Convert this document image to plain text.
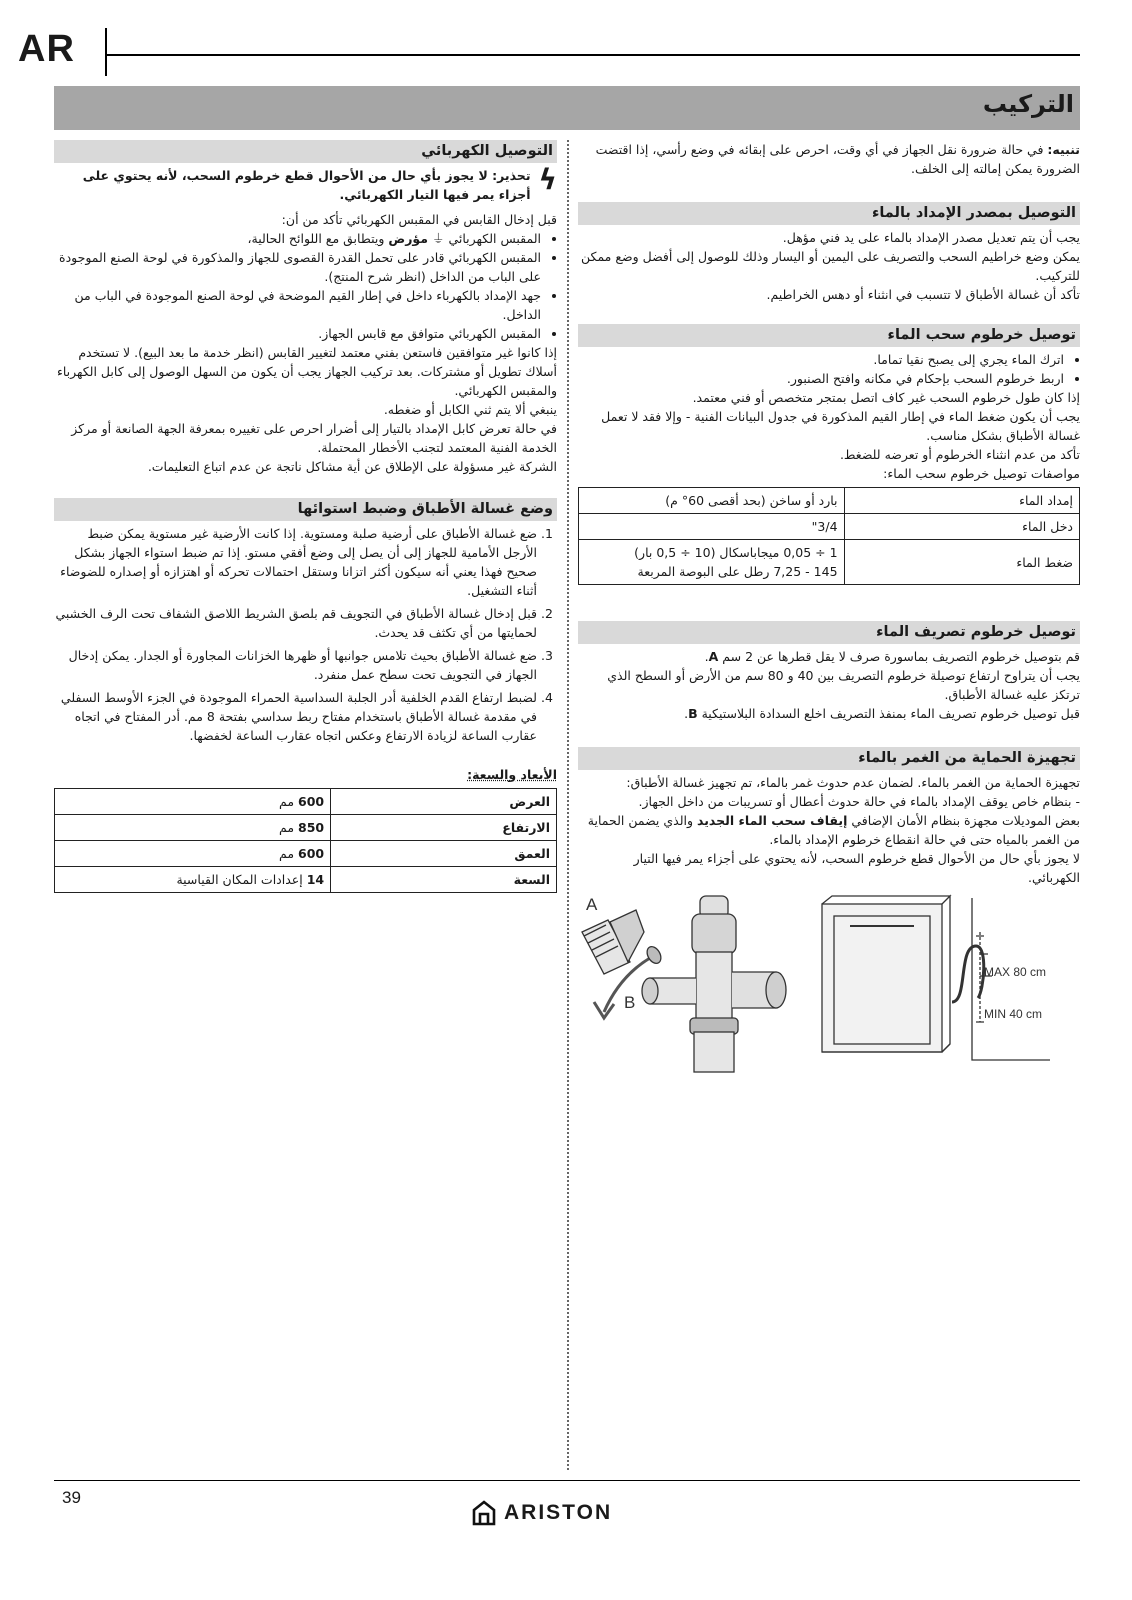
AR
التركيب

تنبيه: في حالة ضرورة نقل الجهاز في أي وقت، احرص على إبقائه في وضع رأسي، إذا اقتضت الضرورة يمكن إمالته إلى الخلف.

التوصيل بمصدر الإمداد بالماء

يجب أن يتم تعديل مصدر الإمداد بالماء على يد فني مؤهل.

يمكن وضع خراطيم السحب والتصريف على اليمين أو اليسار وذلك للوصول إلى أفضل وضع ممكن للتركيب.

تأكد أن غسالة الأطباق لا تتسبب في انثناء أو دهس الخراطيم.

توصيل خرطوم سحب الماء
• اترك الماء يجري إلى يصبح نقيا تماما.
• اربط خرطوم السحب بإحكام في مكانه وافتح الصنبور.

إذا كان طول خرطوم السحب غير كاف اتصل بمتجر متخصص أو فني معتمد.

يجب أن يكون ضغط الماء في إطار القيم المذكورة في جدول البيانات الفنية - وإلا فقد لا تعمل غسالة الأطباق بشكل مناسب.

تأكد من عدم انثناء الخرطوم أو تعرضه للضغط.

مواصفات توصيل خرطوم سحب الماء:

إمداد الماء	بارد أو ساخن (بحد أقصى 60° م)
دخل الماء	3/4"
ضغط الماء	1 ÷ 0,05 ميجاباسكال (10 ÷ 0,5 بار)
145 - 7,25 رطل على البوصة المربعة
توصيل خرطوم تصريف الماء

قم بتوصيل خرطوم التصريف بماسورة صرف لا يقل قطرها عن 2 سم A.

يجب أن يتراوح ارتفاع توصيلة خرطوم التصريف بين 40 و 80 سم من الأرض أو السطح الذي ترتكز عليه غسالة الأطباق.

قبل توصيل خرطوم تصريف الماء بمنفذ التصريف اخلع السدادة البلاستيكية B.

تجهيزة الحماية من الغمر بالماء

تجهيزة الحماية من الغمر بالماء. لضمان عدم حدوث غمر بالماء، تم تجهيز غسالة الأطباق:

- بنظام خاص يوقف الإمداد بالماء في حالة حدوث أعطال أو تسريبات من داخل الجهاز.

بعض الموديلات مجهزة بنظام الأمان الإضافي إيقاف سحب الماء الجديد والذي يضمن الحماية من الغمر بالمياه حتى في حالة انقطاع خرطوم الإمداد بالماء.

لا يجوز بأي حال من الأحوال قطع خرطوم السحب، لأنه يحتوي على أجزاء يمر فيها التيار الكهربائي.

A
B
MAX 80 cm
MIN 40 cm
التوصيل الكهربائي
ϟ
تحذير: لا يجوز بأي حال من الأحوال قطع خرطوم السحب، لأنه يحتوي على أجزاء يمر فيها التيار الكهربائي.

قبل إدخال القابس في المقبس الكهربائي تأكد من أن:

• المقبس الكهربائي ⏚ مؤرض ويتطابق مع اللوائح الحالية،
• المقبس الكهربائي قادر على تحمل القدرة القصوى للجهاز والمذكورة في لوحة الصنع الموجودة على الباب من الداخل (انظر شرح المنتج).
• جهد الإمداد بالكهرباء داخل في إطار القيم الموضحة في لوحة الصنع الموجودة في الباب من الداخل.
• المقبس الكهربائي متوافق مع قابس الجهاز.

إذا كانوا غير متوافقين فاستعن بفني معتمد لتغيير القابس (انظر خدمة ما بعد البيع). لا تستخدم أسلاك تطويل أو مشتركات. بعد تركيب الجهاز يجب أن يكون من السهل الوصول إلى كابل الكهرباء والمقبس الكهربائي.

ينبغي ألا يتم ثني الكابل أو ضغطه.

في حالة تعرض كابل الإمداد بالتيار إلى أضرار احرص على تغييره بمعرفة الجهة الصانعة أو مركز الخدمة الفنية المعتمد لتجنب الأخطار المحتملة.

الشركة غير مسؤولة على الإطلاق عن أية مشاكل ناتجة عن عدم اتباع التعليمات.

وضع غسالة الأطباق وضبط استوائها
1. ضع غسالة الأطباق على أرضية صلبة ومستوية. إذا كانت الأرضية غير مستوية يمكن ضبط الأرجل الأمامية للجهاز إلى أن يصل إلى وضع أفقي مستو. إذا تم ضبط استواء الجهاز بشكل صحيح فهذا يعني أنه سيكون أكثر اتزانا وستقل احتمالات تحركه أو اهتزازه أو إصداره للضوضاء أثناء التشغيل.
2. قبل إدخال غسالة الأطباق في التجويف قم بلصق الشريط اللاصق الشفاف تحت الرف الخشبي لحمايتها من أي تكثف قد يحدث.
3. ضع غسالة الأطباق بحيث تلامس جوانبها أو ظهرها الخزانات المجاورة أو الجدار. يمكن إدخال الجهاز في التجويف تحت سطح عمل منفرد.
4. لضبط ارتفاع القدم الخلفية أدر الجلبة السداسية الحمراء الموجودة في الجزء الأوسط السفلي في مقدمة غسالة الأطباق باستخدام مفتاح ربط سداسي بفتحة 8 مم. أدر المفتاح في اتجاه عقارب الساعة لزيادة الارتفاع وعكس اتجاه عقارب الساعة لخفضها.
الأبعاد والسعة:
العرض	600 مم
الارتفاع	850 مم
العمق	600 مم
السعة	14 إعدادات المكان القياسية
39
ARISTON
